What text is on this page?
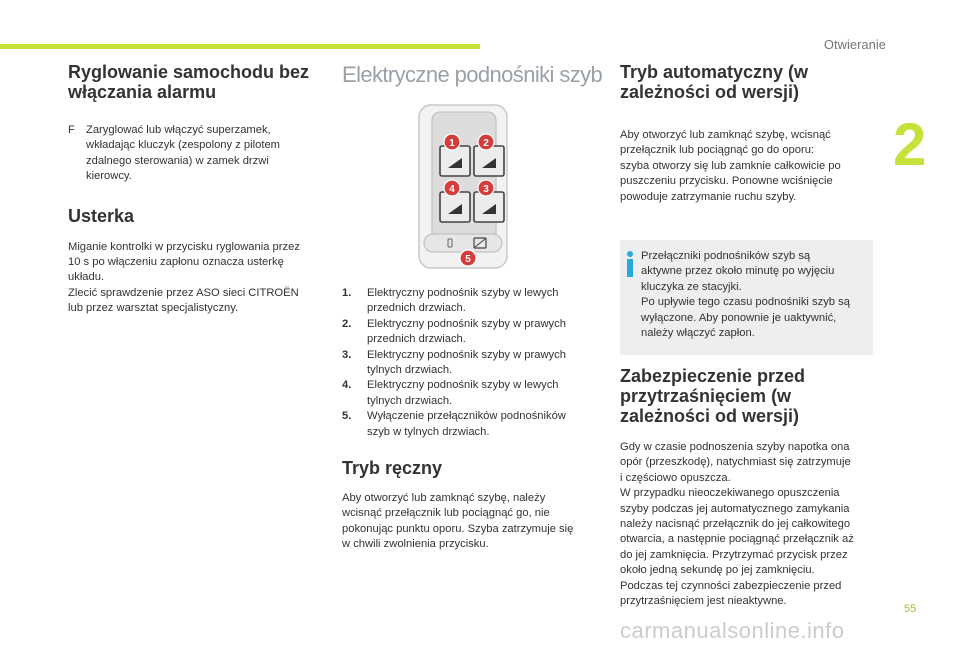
Otwieranie
2
55
carmanualsonline.info
Ryglowanie samochodu bez
włączania alarmu
F	Zaryglować lub włączyć superzamek,
wkładając kluczyk (zespolony z pilotem
zdalnego sterowania) w zamek drzwi
kierowcy.

Usterka

Miganie kontrolki w przycisku ryglowania przez
10 s po włączeniu zapłonu oznacza usterkę
układu.
Zlecić sprawdzenie przez ASO sieci CITROËN
lub przez warsztat specjalistyczny.

Elektryczne podnośniki szyb
1	2
3
4
5
1.	Elektryczny podnośnik szyby w lewych
przednich drzwiach.
2.	Elektryczny podnośnik szyby w prawych
przednich drzwiach.
3.	Elektryczny podnośnik szyby w prawych
tylnych drzwiach.
4.	Elektryczny podnośnik szyby w lewych
tylnych drzwiach.
5.	Wyłączenie przełączników podnośników
szyb w tylnych drzwiach.
Tryb ręczny

Aby otworzyć lub zamknąć szybę, należy
wcisnąć przełącznik lub pociągnąć go, nie
pokonując punktu oporu. Szyba zatrzymuje się
w chwili zwolnienia przycisku.

Tryb automatyczny (w
zależności od wersji)

Aby otworzyć lub zamknąć szybę, wcisnąć
przełącznik lub pociągnąć go do oporu:
szyba otworzy się lub zamknie całkowicie po
puszczeniu przycisku. Ponowne wciśnięcie
powoduje zatrzymanie ruchu szyby.

Przełączniki podnośników szyb są
aktywne przez około minutę po wyjęciu
kluczyka ze stacyjki.
Po upływie tego czasu podnośniki szyb są
wyłączone. Aby ponownie je uaktywnić,
należy włączyć zapłon.

Zabezpieczenie przed
przytrzaśnięciem (w
zależności od wersji)

Gdy w czasie podnoszenia szyby napotka ona
opór (przeszkodę), natychmiast się zatrzymuje
i częściowo opuszcza.
W przypadku nieoczekiwanego opuszczenia
szyby podczas jej automatycznego zamykania
należy nacisnąć przełącznik do jej całkowitego
otwarcia, a następnie pociągnąć przełącznik aż
do jej zamknięcia. Przytrzymać przycisk przez
około jedną sekundę po jej zamknięciu.
Podczas tej czynności zabezpieczenie przed
przytrzaśnięciem jest nieaktywne.
